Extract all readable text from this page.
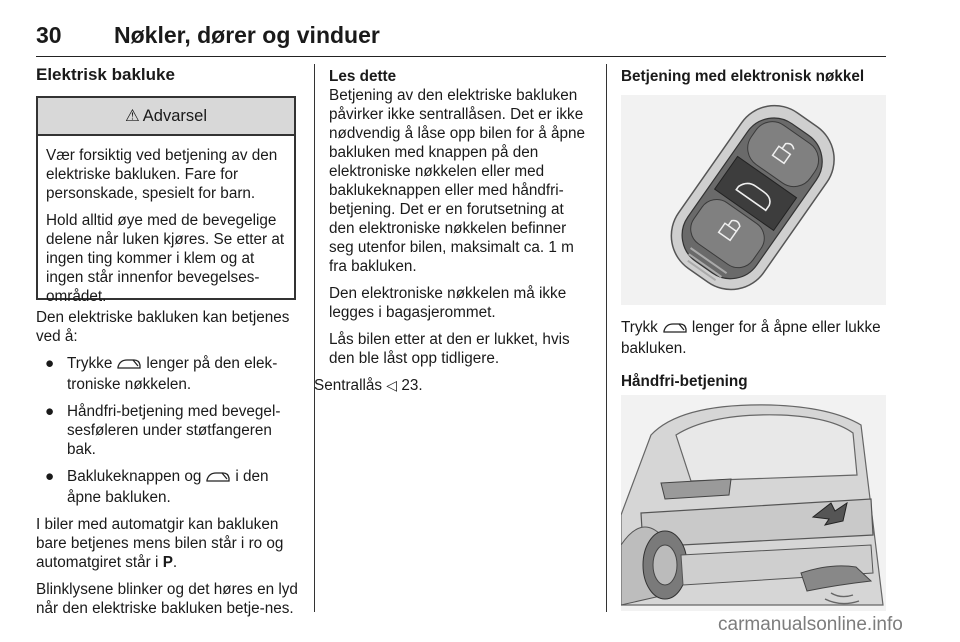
30 Nøkler, dører og vinduer
Elektrisk bakluke
⚠ Advarsel

Vær forsiktig ved betjening av den elektriske bakluken. Fare for personskade, spesielt for barn.

Hold alltid øye med de bevegelige delene når luken kjøres. Se etter at ingen ting kommer i klem og at ingen står innenfor bevegelses-området.

Den elektriske bakluken kan betjenes ved å:

● Trykke lenger på den elek-troniske nøkkelen.
● Håndfri-betjening med bevegel-sesføleren under støtfangeren bak.
● Baklukeknappen og i den åpne bakluken.

I biler med automatgir kan bakluken bare betjenes mens bilen står i ro og automatgiret står i P.

Blinklysene blinker og det høres en lyd når den elektriske bakluken betje-nes.

Les dette

Betjening av den elektriske bakluken påvirker ikke sentrallåsen. Det er ikke nødvendig å låse opp bilen for å åpne bakluken med knappen på den elektroniske nøkkelen eller med baklukeknappen eller med håndfri-betjening. Det er en forutsetning at den elektroniske nøkkelen befinner seg utenfor bilen, maksimalt ca. 1 m fra bakluken.

Den elektroniske nøkkelen må ikke legges i bagasjerommet.

Lås bilen etter at den er lukket, hvis den ble låst opp tidligere.

Sentrallås ◁ 23.

Betjening med elektronisk nøkkel

Trykk lenger for å åpne eller lukke bakluken.

Håndfri-betjening
carmanualsonline.info
